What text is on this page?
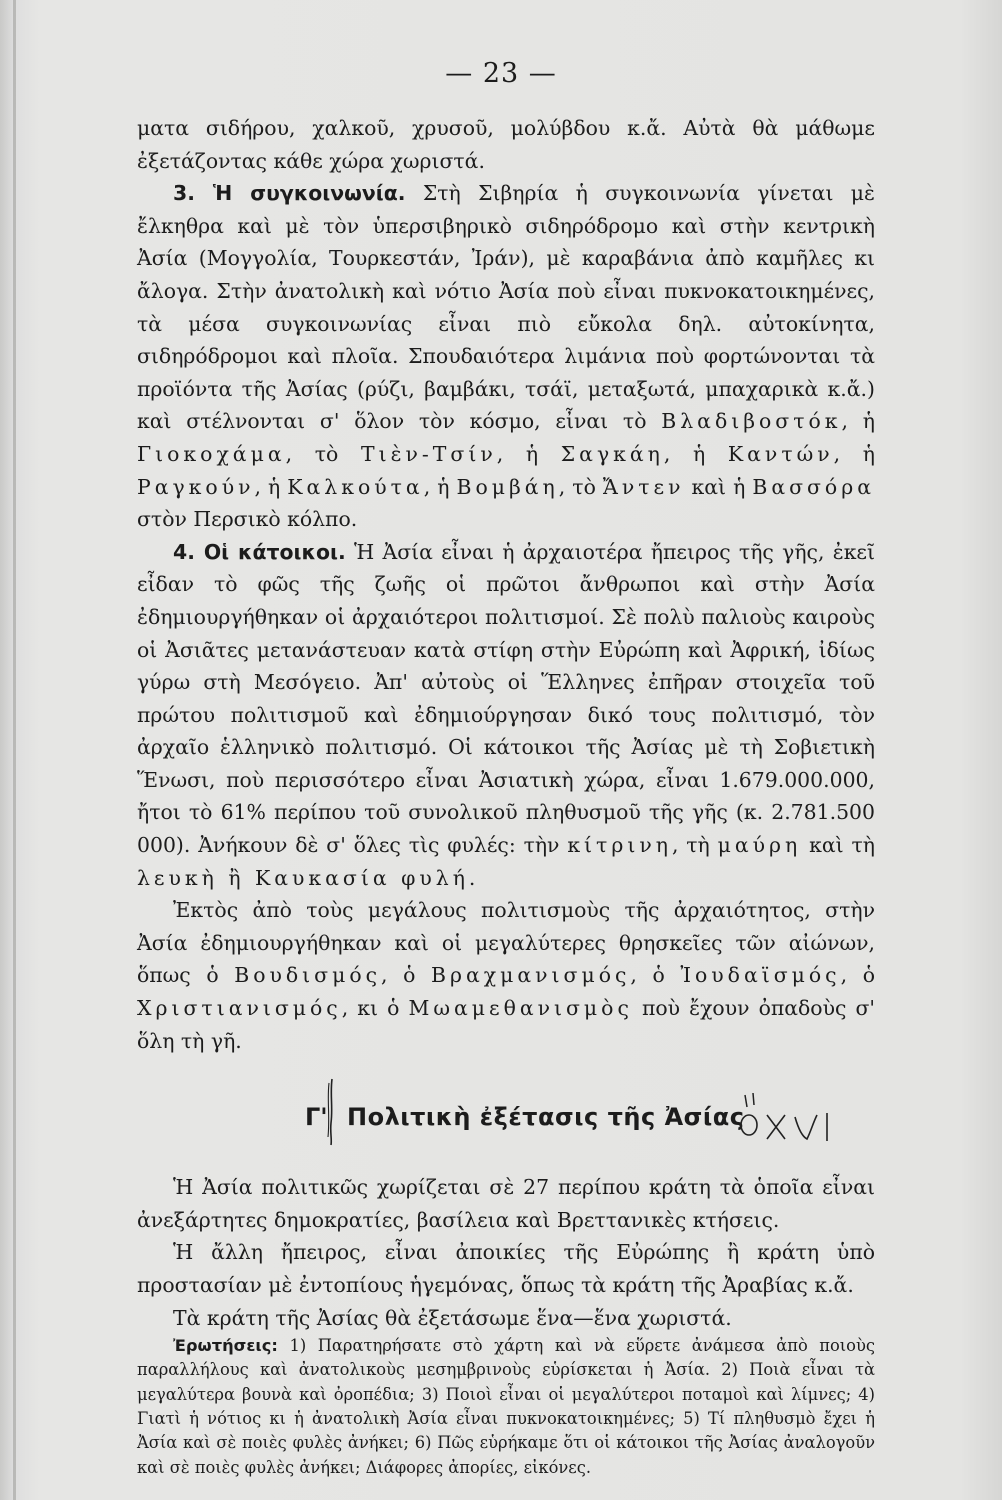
— 23 —

ματα σιδήρου, χαλκοῦ, χρυσοῦ, μολύβδου κ.ἄ. Αὐτὰ θὰ μάθωμε ἐξετάζοντας κάθε χώρα χωριστά.

3. Ἡ συγκοινωνία. Στὴ Σιβηρία ἡ συγκοινωνία γίνεται μὲ ἔλκηθρα καὶ μὲ τὸν ὑπερσιβηρικὸ σιδηρόδρομο καὶ στὴν κεντρικὴ Ἀσία (Μογγολία, Τουρκεστάν, Ἰράν), μὲ καραβάνια ἀπὸ καμῆλες κι ἄλογα. Στὴν ἀνατολικὴ καὶ νότιο Ἀσία ποὺ εἶναι πυκνοκατοικημένες, τὰ μέσα συγκοινωνίας εἶναι πιὸ εὔκολα δηλ. αὐτοκίνητα, σιδηρόδρομοι καὶ πλοῖα. Σπουδαιότερα λιμάνια ποὺ φορτώνονται τὰ προϊόντα τῆς Ἀσίας (ρύζι, βαμβάκι, τσάϊ, μεταξωτά, μπαχαρικὰ κ.ἄ.) καὶ στέλνονται σ' ὅλον τὸν κόσμο, εἶναι τὸ Βλαδιβοστόκ, ἡ Γιοκοχάμα, τὸ Τιὲν-Τσίν, ἡ Σαγκάη, ἡ Καντών, ἡ Ραγκούν, ἡ Καλκούτα, ἡ Βομβάη, τὸ Ἄντεν καὶ ἡ Βασσόρα στὸν Περσικὸ κόλπο.

4. Οἱ κάτοικοι. Ἡ Ἀσία εἶναι ἡ ἀρχαιοτέρα ἤπειρος τῆς γῆς, ἐκεῖ εἶδαν τὸ φῶς τῆς ζωῆς οἱ πρῶτοι ἄνθρωποι καὶ στὴν Ἀσία ἐδημιουργήθηκαν οἱ ἀρχαιότεροι πολιτισμοί. Σὲ πολὺ παλιοὺς καιροὺς οἱ Ἀσιᾶτες μετανάστευαν κατὰ στίφη στὴν Εὐρώπη καὶ Ἀφρική, ἰδίως γύρω στὴ Μεσόγειο. Ἀπ' αὐτοὺς οἱ Ἕλληνες ἐπῆραν στοιχεῖα τοῦ πρώτου πολιτισμοῦ καὶ ἐδημιούργησαν δικό τους πολιτισμό, τὸν ἀρχαῖο ἑλληνικὸ πολιτισμό. Οἱ κάτοικοι τῆς Ἀσίας μὲ τὴ Σοβιετικὴ Ἕνωσι, ποὺ περισσότερο εἶναι Ἀσιατικὴ χώρα, εἶναι 1.679.000.000, ἤτοι τὸ 61% περίπου τοῦ συνολικοῦ πληθυσμοῦ τῆς γῆς (κ. 2.781.500 000). Ἀνήκουν δὲ σ' ὅλες τὶς φυλές: τὴν κίτρινη, τὴ μαύρη καὶ τὴ λευκὴ ἢ Καυκασία φυλή.

Ἐκτὸς ἀπὸ τοὺς μεγάλους πολιτισμοὺς τῆς ἀρχαιότητος, στὴν Ἀσία ἐδημιουργήθηκαν καὶ οἱ μεγαλύτερες θρησκεῖες τῶν αἰώνων, ὅπως ὁ Βουδισμός, ὁ Βραχμανισμός, ὁ Ἰουδαϊσμός, ὁ Χριστιανισμός, κι ὁ Μωαμεθανισμὸς ποὺ ἔχουν ὀπαδοὺς σ' ὅλη τὴ γῆ.

Γ' Πολιτικὴ ἐξέτασις τῆς Ἀσίας

Ἡ Ἀσία πολιτικῶς χωρίζεται σὲ 27 περίπου κράτη τὰ ὁποῖα εἶναι ἀνεξάρτητες δημοκρατίες, βασίλεια καὶ Βρεττανικὲς κτήσεις.

Ἡ ἄλλη ἤπειρος, εἶναι ἀποικίες τῆς Εὐρώπης ἢ κράτη ὑπὸ προστασίαν μὲ ἐντοπίους ἡγεμόνας, ὅπως τὰ κράτη τῆς Ἀραβίας κ.ἄ.

Τὰ κράτη τῆς Ἀσίας θὰ ἐξετάσωμε ἕνα—ἕνα χωριστά.

Ἐρωτήσεις: 1) Παρατηρήσατε στὸ χάρτη καὶ νὰ εὕρετε ἀνάμεσα ἀπὸ ποιοὺς παραλλήλους καὶ ἀνατολικοὺς μεσημβρινοὺς εὑρίσκεται ἡ Ἀσία. 2) Ποιὰ εἶναι τὰ μεγαλύτερα βουνὰ καὶ ὀροπέδια; 3) Ποιοὶ εἶναι οἱ μεγαλύτεροι ποταμοὶ καὶ λίμνες; 4) Γιατὶ ἡ νότιος κι ἡ ἀνατολικὴ Ἀσία εἶναι πυκνοκατοικημένες; 5) Τί πληθυσμὸ ἔχει ἡ Ἀσία καὶ σὲ ποιὲς φυλὲς ἀνήκει; 6) Πῶς εὑρήκαμε ὅτι οἱ κάτοικοι τῆς Ἀσίας ἀναλογοῦν καὶ σὲ ποιὲς φυλὲς ἀνήκει; Διάφορες ἀπορίες, εἰκόνες.
